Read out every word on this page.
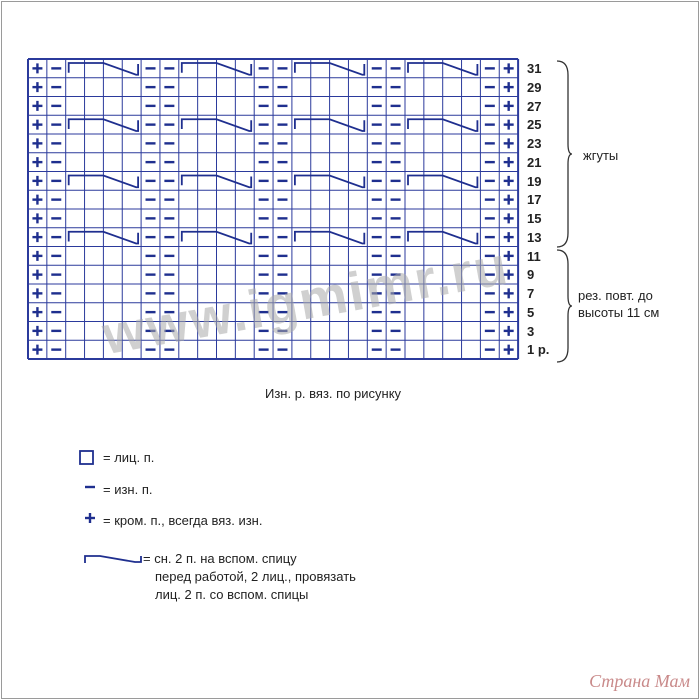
31
29
27
25
23
21
19
17
15
13
11
9
7
5
3
1 р.
жгуты
рез. повт. до
высоты 11 см
Изн. р. вяз. по рисунку
= лиц. п.
= изн. п.
= кром. п., всегда вяз. изн.
= сн. 2 п. на вспом. спицу
перед работой, 2 лиц., провязать
лиц. 2 п. со вспом. спицы
www.igmimr.ru
Страна Мам
